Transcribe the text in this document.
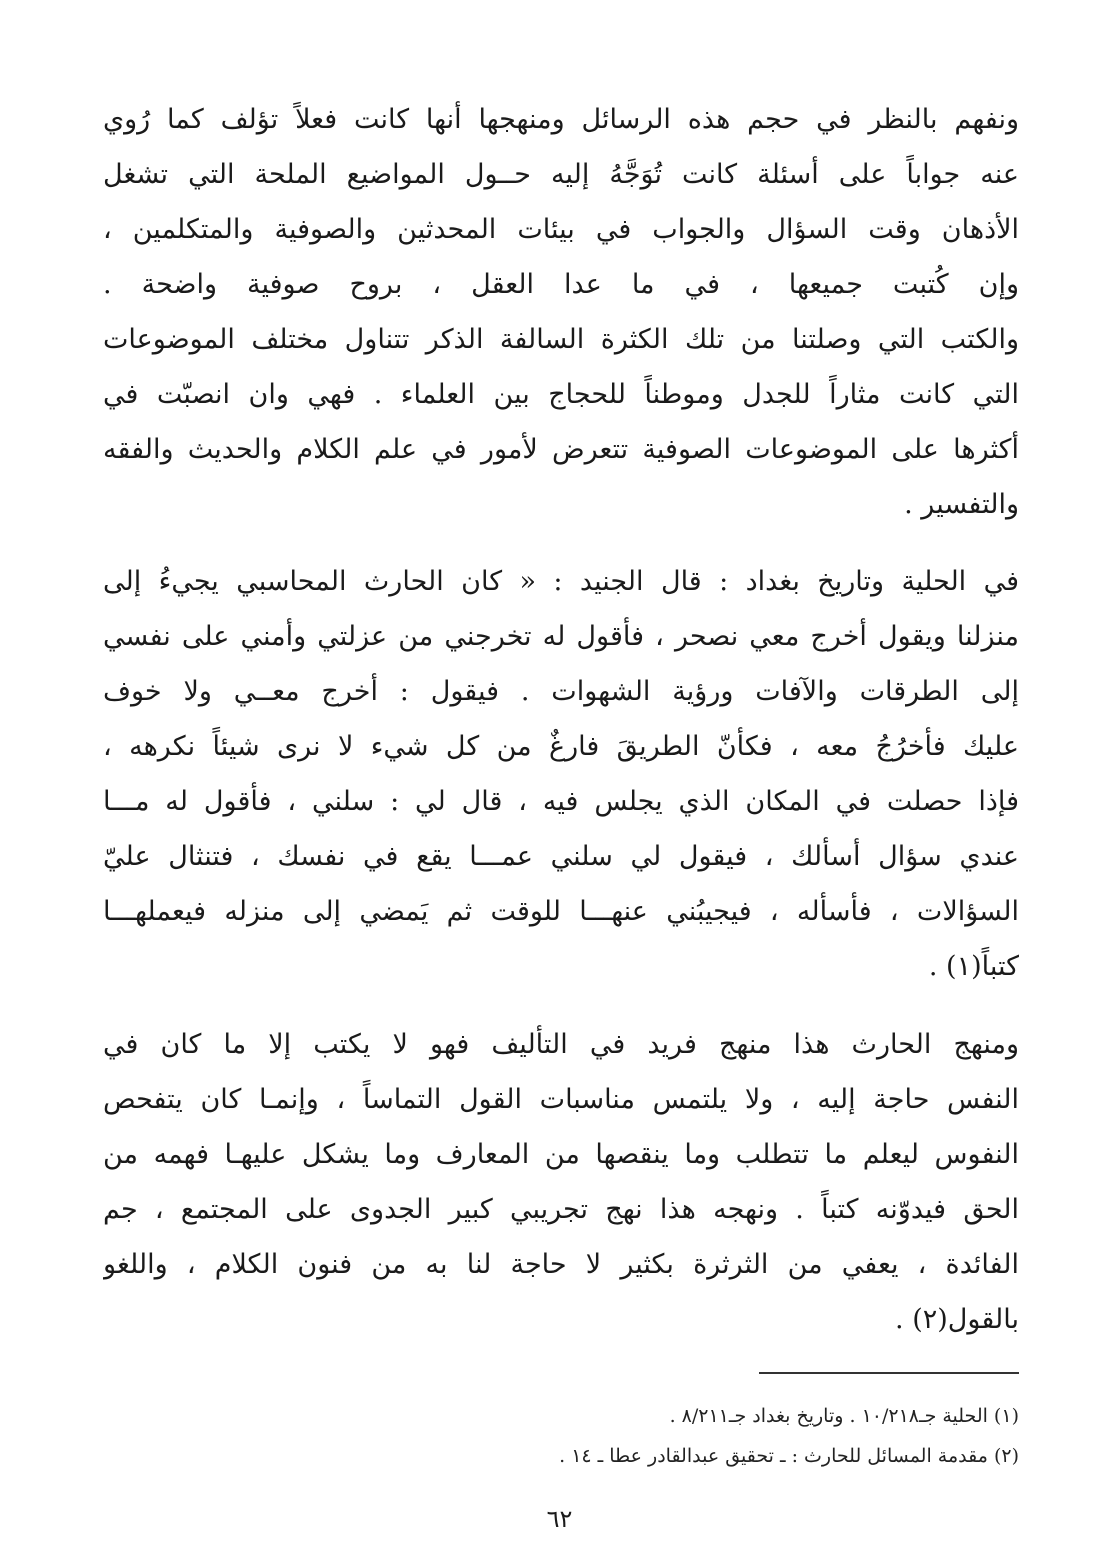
ونفهم بالنظر في حجم هذه الرسائل ومنهجها أنها كانت فعلاً تؤلف كما رُوي
عنه جواباً على أسئلة كانت تُوَجَّهُ إليه حــول المواضيع الملحة التي تشغل
الأذهان وقت السؤال والجواب في بيئات المحدثين والصوفية والمتكلمين ،
وإن كُتبت جميعها ، في ما عدا العقل ، بروح صوفية واضحة .
والكتب التي وصلتنا من تلك الكثرة السالفة الذكر تتناول مختلف الموضوعات
التي كانت مثاراً للجدل وموطناً للحجاج بين العلماء . فهي وان انصبّت في
أكثرها على الموضوعات الصوفية تتعرض لأمور في علم الكلام والحديث والفقه
والتفسير .
في الحلية وتاريخ بغداد : قال الجنيد : « كان الحارث المحاسبي يجيءُ إلى
منزلنا ويقول أخرج معي نصحر ، فأقول له تخرجني من عزلتي وأمني على نفسي
إلى الطرقات والآفات ورؤية الشهوات . فيقول : أخرج معــي ولا خوف
عليك فأخرُجُ معه ، فكأنّ الطريقَ فارغٌ من كل شيء لا نرى شيئاً نكرهه ،
فإذا حصلت في المكان الذي يجلس فيه ، قال لي : سلني ، فأقول له مـــا
عندي سؤال أسألك ، فيقول لي سلني عمـــا يقع في نفسك ، فتنثال عليّ
السؤالات ، فأسأله ، فيجيبُني عنهـــا للوقت ثم يَمضي إلى منزله فيعملهـــا
كتباً(١) .
ومنهج الحارث هذا منهج فريد في التأليف فهو لا يكتب إلا ما كان في
النفس حاجة إليه ، ولا يلتمس مناسبات القول التماساً ، وإنمـا كان يتفحص
النفوس ليعلم ما تتطلب وما ينقصها من المعارف وما يشكل عليهـا فهمه من
الحق فيدوّنه كتباً . ونهجه هذا نهج تجريبي كبير الجدوى على المجتمع ، جم
الفائدة ، يعفي من الثرثرة بكثير لا حاجة لنا به من فنون الكلام ، واللغو
بالقول(٢) .
(١) الحلية جـ١٠/٢١٨ . وتاريخ بغداد جـ٨/٢١١ .
(٢) مقدمة المسائل للحارث : ـ تحقيق عبدالقادر عطا ـ ١٤ .
٦٢
